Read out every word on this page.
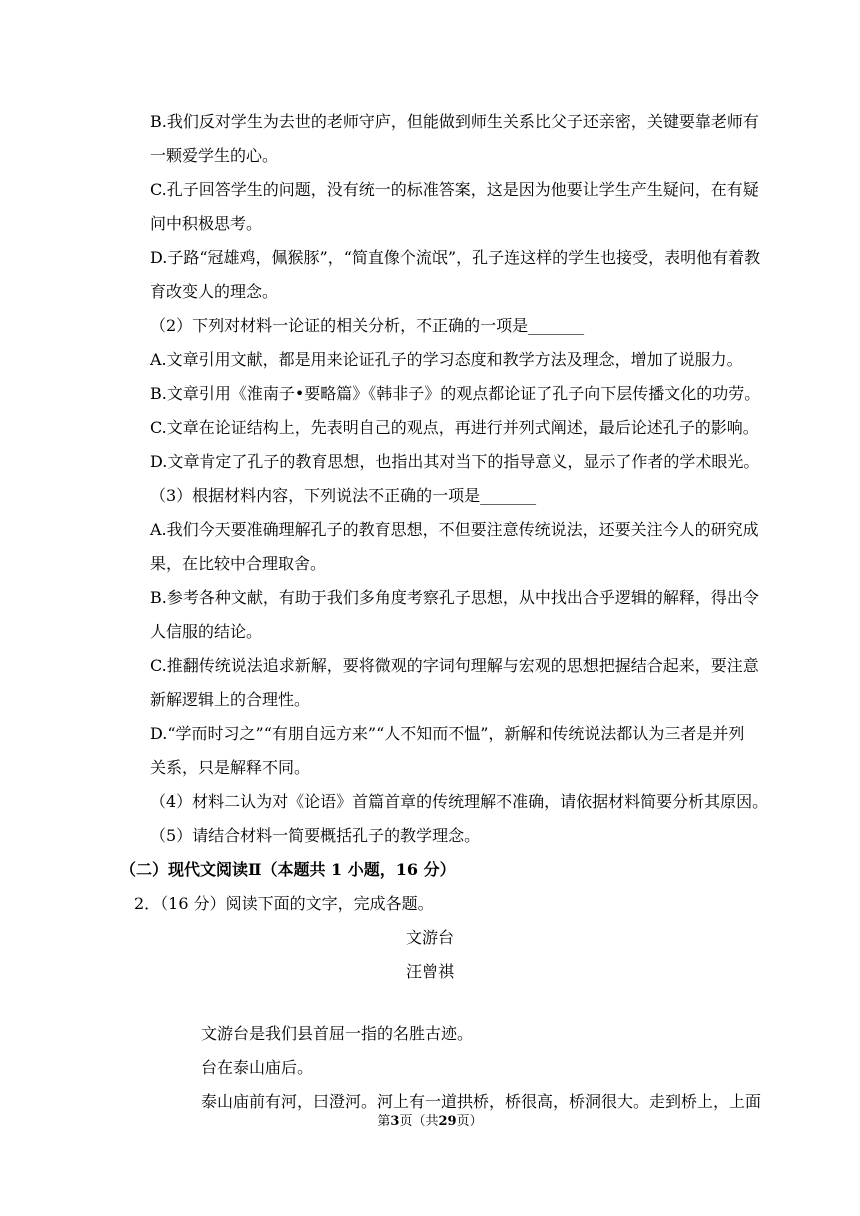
B.我们反对学生为去世的老师守庐，但能做到师生关系比父子还亲密，关键要靠老师有
一颗爱学生的心。
C.孔子回答学生的问题，没有统一的标准答案，这是因为他要让学生产生疑问，在有疑
问中积极思考。
D.子路“冠雄鸡，佩猴豚”，“简直像个流氓”，孔子连这样的学生也接受，表明他有着教
育改变人的理念。
（2）下列对材料一论证的相关分析，不正确的一项是_______
A.文章引用文献，都是用来论证孔子的学习态度和教学方法及理念，增加了说服力。
B.文章引用《淮南子•要略篇》《韩非子》的观点都论证了孔子向下层传播文化的功劳。
C.文章在论证结构上，先表明自己的观点，再进行并列式阐述，最后论述孔子的影响。
D.文章肯定了孔子的教育思想，也指出其对当下的指导意义，显示了作者的学术眼光。
（3）根据材料内容，下列说法不正确的一项是_______
A.我们今天要准确理解孔子的教育思想，不但要注意传统说法，还要关注今人的研究成
果，在比较中合理取舍。
B.参考各种文献，有助于我们多角度考察孔子思想，从中找出合乎逻辑的解释，得出令
人信服的结论。
C.推翻传统说法追求新解，要将微观的字词句理解与宏观的思想把握结合起来，要注意
新解逻辑上的合理性。
D.“学而时习之”“有朋自远方来”“人不知而不愠”，新解和传统说法都认为三者是并列
关系，只是解释不同。
（4）材料二认为对《论语》首篇首章的传统理解不准确，请依据材料简要分析其原因。
（5）请结合材料一简要概括孔子的教学理念。
（二）现代文阅读Ⅱ（本题共 1 小题，16 分）
2．（16 分）阅读下面的文字，完成各题。
文游台
汪曾祺
文游台是我们县首屈一指的名胜古迹。
台在泰山庙后。
泰山庙前有河，曰澄河。河上有一道拱桥，桥很高，桥洞很大。走到桥上，上面
第3页（共29页）
